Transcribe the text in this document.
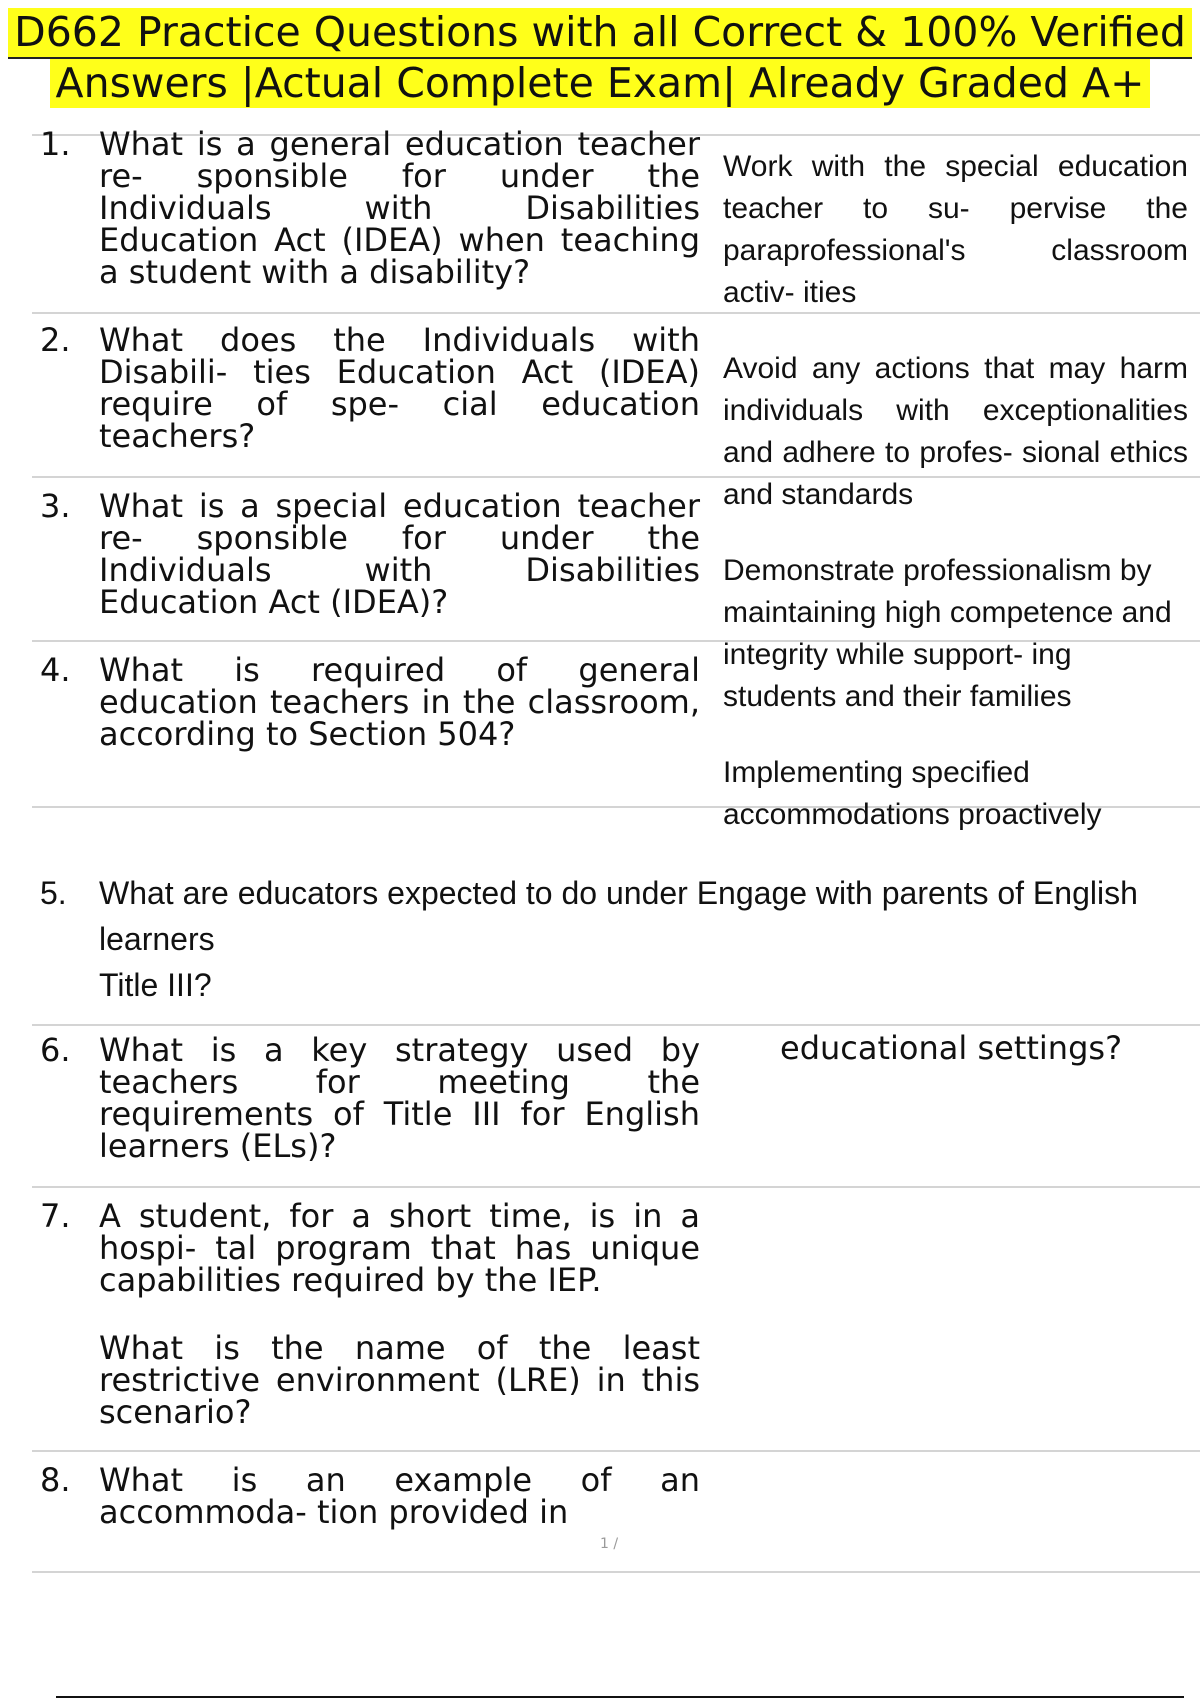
D662 Practice Questions with all Correct & 100% Verified
Answers |Actual Complete Exam| Already Graded A+
1. What is a general education teacher re- sponsible for under the Individuals with Disabilities Education Act (IDEA) when teaching a student with a disability?
2. What does the Individuals with Disabili- ties Education Act (IDEA) require of spe- cial education teachers?
3. What is a special education teacher re- sponsible for under the Individuals with Disabilities Education Act (IDEA)?
4. What is required of general education teachers in the classroom, according to Section 504?
Work with the special education teacher to su- pervise the paraprofessional's classroom activ- ities
Avoid any actions that may harm individuals with exceptionalities and adhere to profes- sional ethics and standards
Demonstrate professionalism by maintaining high competence and integrity while support- ing students and their families
Implementing specified accommodations proactively
5. What are educators expected to do under Engage with parents of English
learners
Title III?
6. What is a key strategy used by teachers for meeting the requirements of Title III for English learners (ELs)?
educational settings?
7. A student, for a short time, is in a hospi- tal program that has unique capabilities required by the IEP.

What is the name of the least restrictive environment (LRE) in this scenario?

8. What is an example of an accommoda- tion provided in
1 /
